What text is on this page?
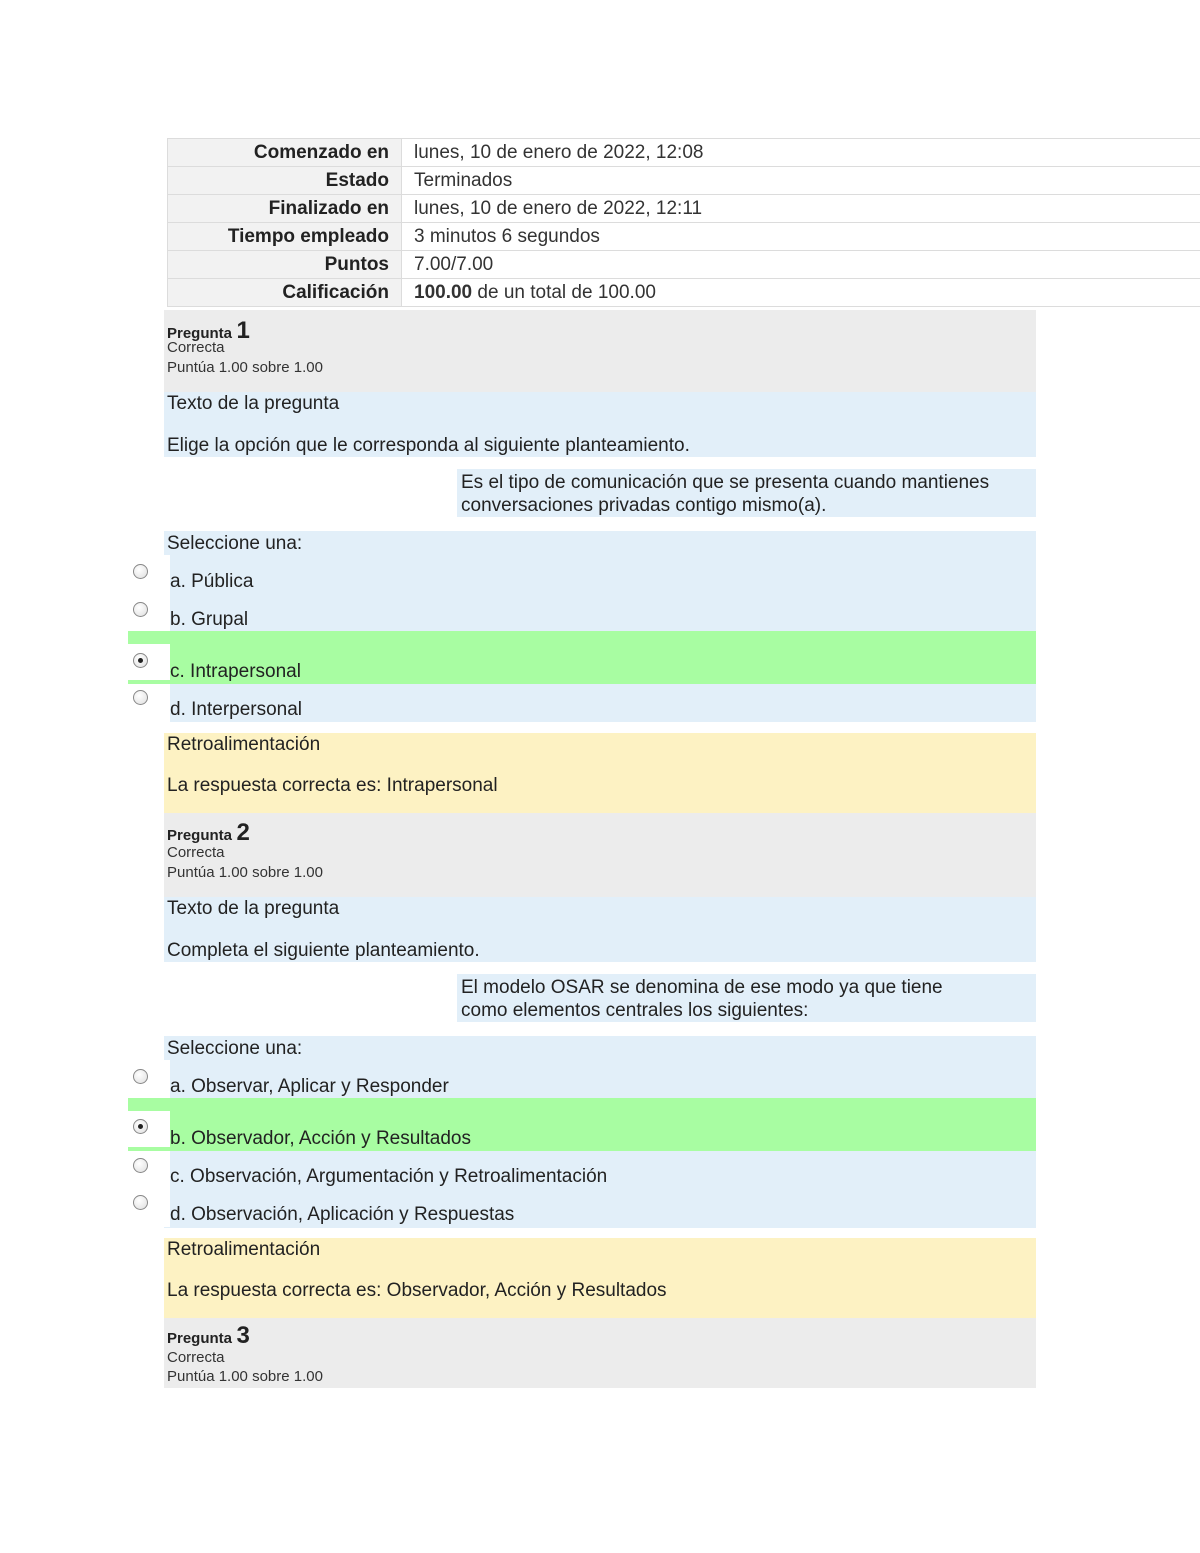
Comenzado en	lunes, 10 de enero de 2022, 12:08
Estado	Terminados
Finalizado en	lunes, 10 de enero de 2022, 12:11
Tiempo empleado	3 minutos 6 segundos
Puntos	7.00/7.00
Calificación	100.00 de un total de 100.00
Pregunta 1
Correcta
Puntúa 1.00 sobre 1.00
Texto de la pregunta
Elige la opción que le corresponda al siguiente planteamiento.
Es el tipo de comunicación que se presenta cuando mantienes
conversaciones privadas contigo mismo(a).
Seleccione una:
a. Pública
b. Grupal
c. Intrapersonal
d. Interpersonal
Retroalimentación
La respuesta correcta es: Intrapersonal
Pregunta 2
Correcta
Puntúa 1.00 sobre 1.00
Texto de la pregunta
Completa el siguiente planteamiento.
El modelo OSAR se denomina de ese modo ya que tiene
como elementos centrales los siguientes:
Seleccione una:
a. Observar, Aplicar y Responder
b. Observador, Acción y Resultados
c. Observación, Argumentación y Retroalimentación
d. Observación, Aplicación y Respuestas
Retroalimentación
La respuesta correcta es: Observador, Acción y Resultados
Pregunta 3
Correcta
Puntúa 1.00 sobre 1.00
